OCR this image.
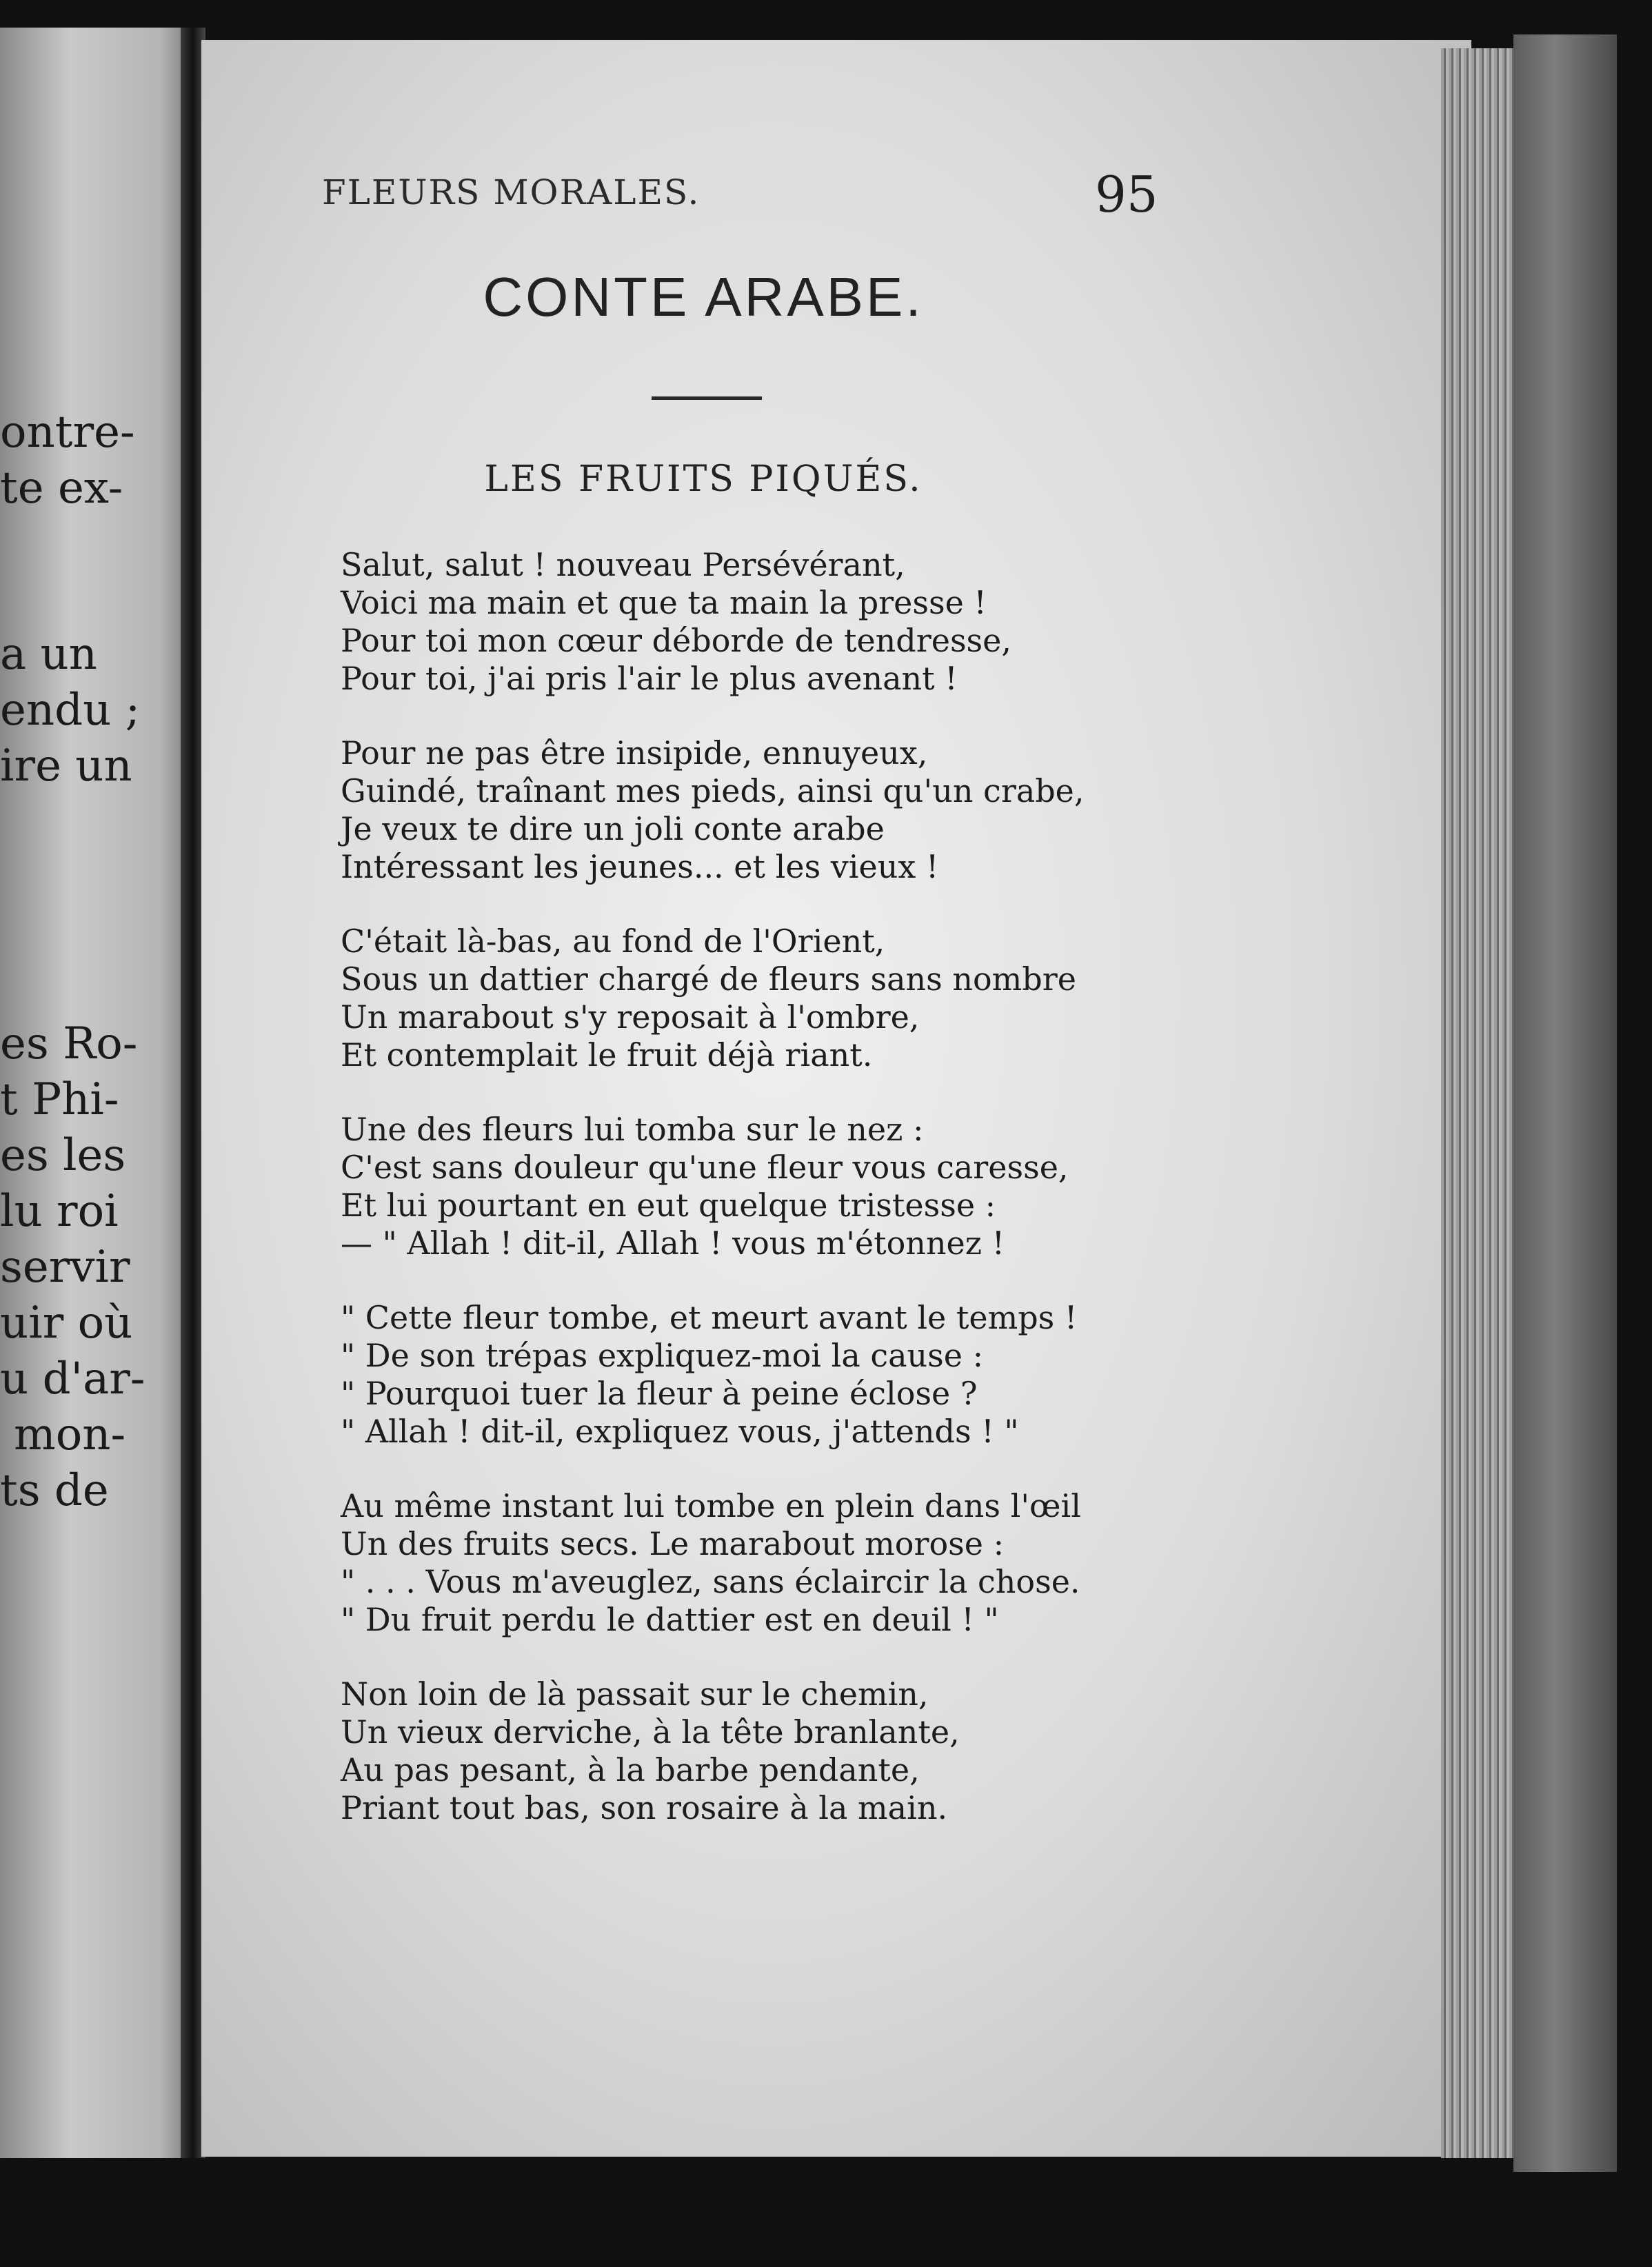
ontre-
te ex-
a un
endu ;
ire un
es Ro-
t Phi-
es les
lu roi
servir
uir où
u d'ar-
mon-
ts de
FLEURS MORALES.	95
CONTE ARABE.
LES FRUITS PIQUÉS.
Salut, salut ! nouveau Persévérant,
Voici ma main et que ta main la presse !
Pour toi mon cœur déborde de tendresse,
Pour toi, j'ai pris l'air le plus avenant !
Pour ne pas être insipide, ennuyeux,
Guindé, traînant mes pieds, ainsi qu'un crabe,
Je veux te dire un joli conte arabe
Intéressant les jeunes... et les vieux !
C'était là-bas, au fond de l'Orient,
Sous un dattier chargé de fleurs sans nombre
Un marabout s'y reposait à l'ombre,
Et contemplait le fruit déjà riant.
Une des fleurs lui tomba sur le nez :
C'est sans douleur qu'une fleur vous caresse,
Et lui pourtant en eut quelque tristesse :
— " Allah ! dit-il, Allah ! vous m'étonnez !
" Cette fleur tombe, et meurt avant le temps !
" De son trépas expliquez-moi la cause :
" Pourquoi tuer la fleur à peine éclose ?
" Allah ! dit-il, expliquez vous, j'attends ! "
Au même instant lui tombe en plein dans l'œil
Un des fruits secs. Le marabout morose :
" . . . Vous m'aveuglez, sans éclaircir la chose.
" Du fruit perdu le dattier est en deuil ! "
Non loin de là passait sur le chemin,
Un vieux derviche, à la tête branlante,
Au pas pesant, à la barbe pendante,
Priant tout bas, son rosaire à la main.
